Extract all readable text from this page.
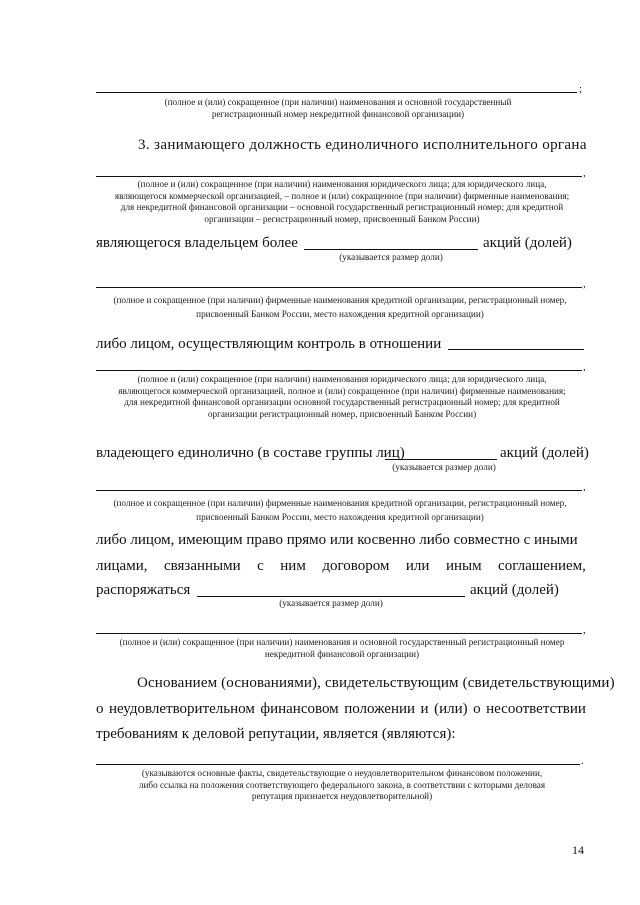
;
(полное и (или) сокращенное (при наличии) наименования и основной государственный
регистрационный номер некредитной финансовой организации)
3. занимающего должность единоличного исполнительного органа
,
(полное и (или) сокращенное (при наличии) наименования юридического лица; для юридического лица,
являющегося коммерческой организацией, – полное и (или) сокращенное (при наличии) фирменные наименования;
для некредитной финансовой организации – основной государственный регистрационный номер; для кредитной
организации – регистрационный номер, присвоенный Банком России)
являющегося владельцем более	акций (долей)
(указывается размер доли)
,
(полное и сокращенное (при наличии) фирменные наименования кредитной организации, регистрационный номер,
присвоенный Банком России, место нахождения кредитной организации)
либо лицом, осуществляющим контроль в отношении
,
(полное и (или) сокращенное (при наличии) наименования юридического лица; для юридического лица,
являющегося коммерческой организацией, полное и (или) сокращенное (при наличии) фирменные наименования;
для некредитной финансовой организации основной государственный регистрационный номер; для кредитной
организации регистрационный номер, присвоенный Банком России)
владеющего единолично (в составе группы лиц)	акций (долей)
(указывается размер доли)
,
(полное и сокращенное (при наличии) фирменные наименования кредитной организации, регистрационный номер,
присвоенный Банком России, место нахождения кредитной организации)
либо лицом, имеющим право прямо или косвенно либо совместно с иными
лицами, связанными с ним договором или иным соглашением,
распоряжаться	акций (долей)
(указывается размер доли)
,
(полное и (или) сокращенное (при наличии) наименования и основной государственный регистрационный номер
некредитной финансовой организации)
Основанием (основаниями), свидетельствующим (свидетельствующими)
о неудовлетворительном финансовом положении и (или) о несоответствии
требованиям к деловой репутации, является (являются):
.
(указываются основные факты, свидетельствующие о неудовлетворительном финансовом положении,
либо ссылка на положения соответствующего федерального закона, в соответствии с которыми деловая
репутация признается неудовлетворительной)
14
